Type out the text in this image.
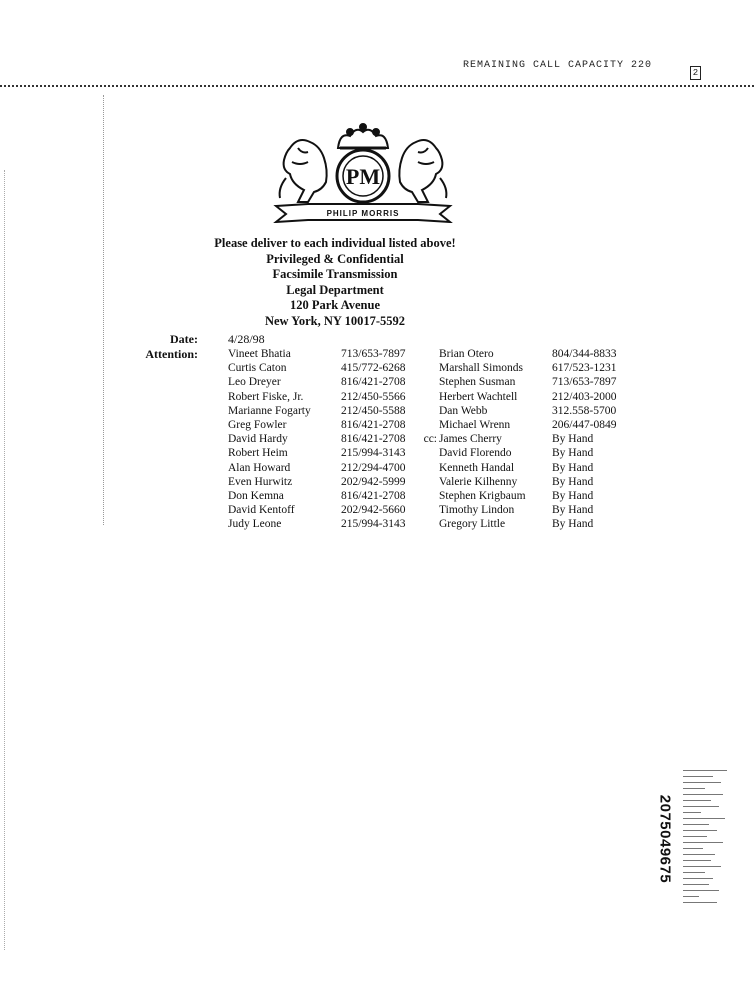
REMAINING CALL CAPACITY 220
2
PM
PHILIP MORRIS
Please deliver to each individual listed above!
Privileged & Confidential
Facsimile Transmission
Legal Department
120 Park Avenue
New York, NY 10017-5592
Date:	4/28/98
Attention:	Vineet Bhatia	713/653-7897	Brian Otero	804/344-8833
Curtis Caton	415/772-6268	Marshall Simonds	617/523-1231
Leo Dreyer	816/421-2708	Stephen Susman	713/653-7897
Robert Fiske, Jr.	212/450-5566	Herbert Wachtell	212/403-2000
Marianne Fogarty	212/450-5588	Dan Webb	312.558-5700
Greg Fowler	816/421-2708	Michael Wrenn	206/447-0849
David Hardy	816/421-2708	cc: James Cherry	By Hand
Robert Heim	215/994-3143	David Florendo	By Hand
Alan Howard	212/294-4700	Kenneth Handal	By Hand
Even Hurwitz	202/942-5999	Valerie Kilhenny	By Hand
Don Kemna	816/421-2708	Stephen Krigbaum	By Hand
David Kentoff	202/942-5660	Timothy Lindon	By Hand
Judy Leone	215/994-3143	Gregory Little	By Hand
2075049675
